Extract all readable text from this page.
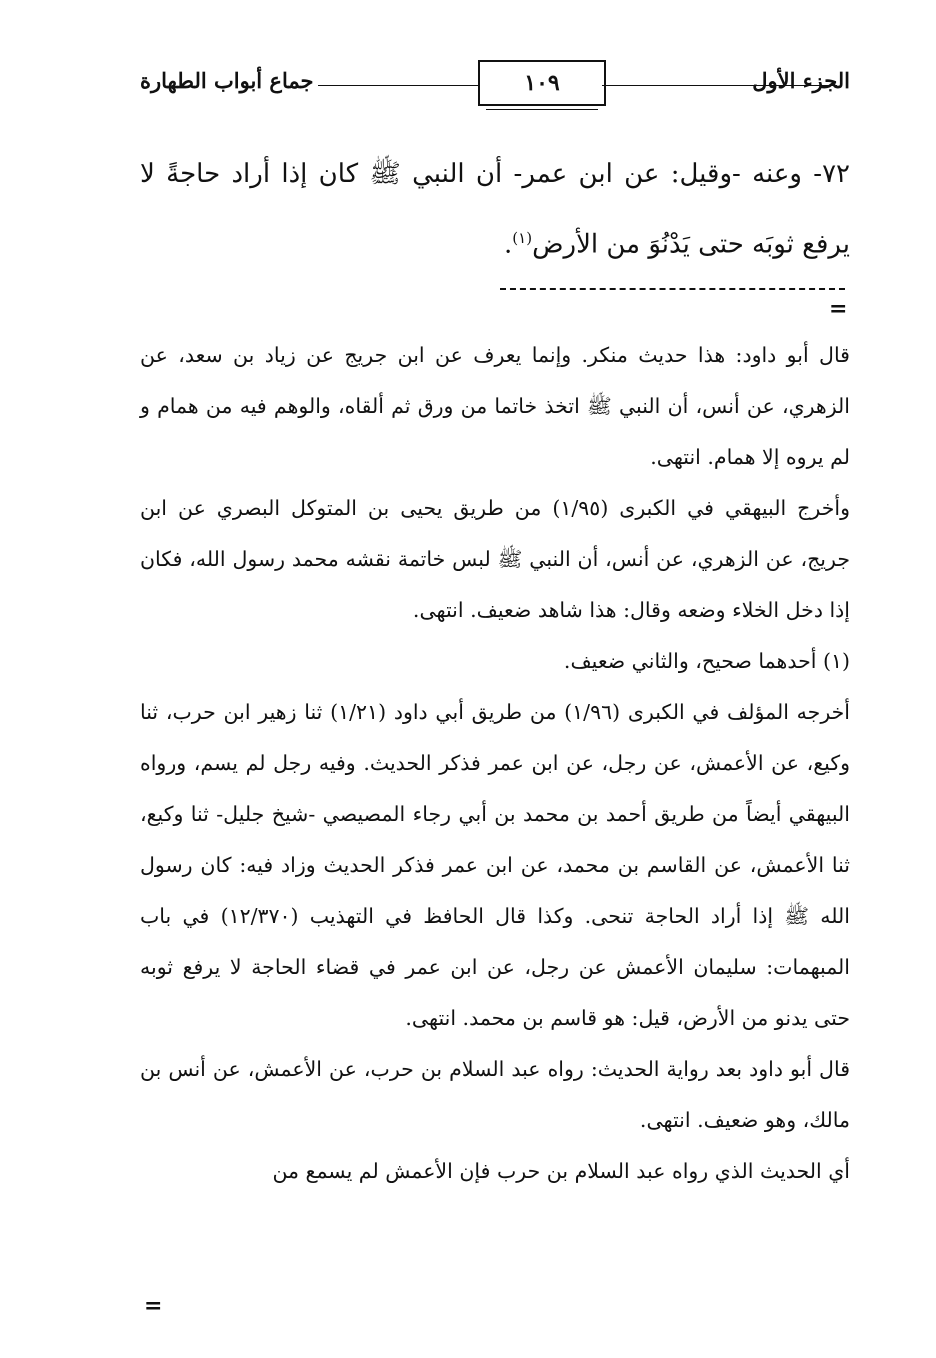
الجزء الأول
١٠٩
جماع أبواب الطهارة
٧٢- وعنه -وقيل: عن ابن عمر- أن النبي ﷺ كان إذا أراد حاجةً لا يرفع ثوبَه حتى يَدْنُوَ من الأرض$^{(١)}$.
=

قال أبو داود: هذا حديث منكر. وإنما يعرف عن ابن جريج عن زياد بن سعد، عن الزهري، عن أنس، أن النبي ﷺ اتخذ خاتما من ورق ثم ألقاه، والوهم فيه من همام و لم يروه إلا همام. انتهى.

وأخرج البيهقي في الكبرى (١/٩٥) من طريق يحيى بن المتوكل البصري عن ابن جريج، عن الزهري، عن أنس، أن النبي ﷺ لبس خاتمة نقشه محمد رسول الله، فكان إذا دخل الخلاء وضعه وقال: هذا شاهد ضعيف. انتهى.

(١) أحدهما صحيح، والثاني ضعيف.

أخرجه المؤلف في الكبرى (١/٩٦) من طريق أبي داود (١/٢١) ثنا زهير ابن حرب، ثنا وكيع، عن الأعمش، عن رجل، عن ابن عمر فذكر الحديث. وفيه رجل لم يسم، ورواه البيهقي أيضاً من طريق أحمد بن محمد بن أبي رجاء المصيصي -شيخ جليل- ثنا وكيع، ثنا الأعمش، عن القاسم بن محمد، عن ابن عمر فذكر الحديث وزاد فيه: كان رسول الله ﷺ إذا أراد الحاجة تنحى. وكذا قال الحافظ في التهذيب (١٢/٣٧٠) في باب المبهمات: سليمان الأعمش عن رجل، عن ابن عمر في قضاء الحاجة لا يرفع ثوبه حتى يدنو من الأرض، قيل: هو قاسم بن محمد. انتهى.

قال أبو داود بعد رواية الحديث: رواه عبد السلام بن حرب، عن الأعمش، عن أنس بن مالك، وهو ضعيف. انتهى.

أي الحديث الذي رواه عبد السلام بن حرب فإن الأعمش لم يسمع من

=
